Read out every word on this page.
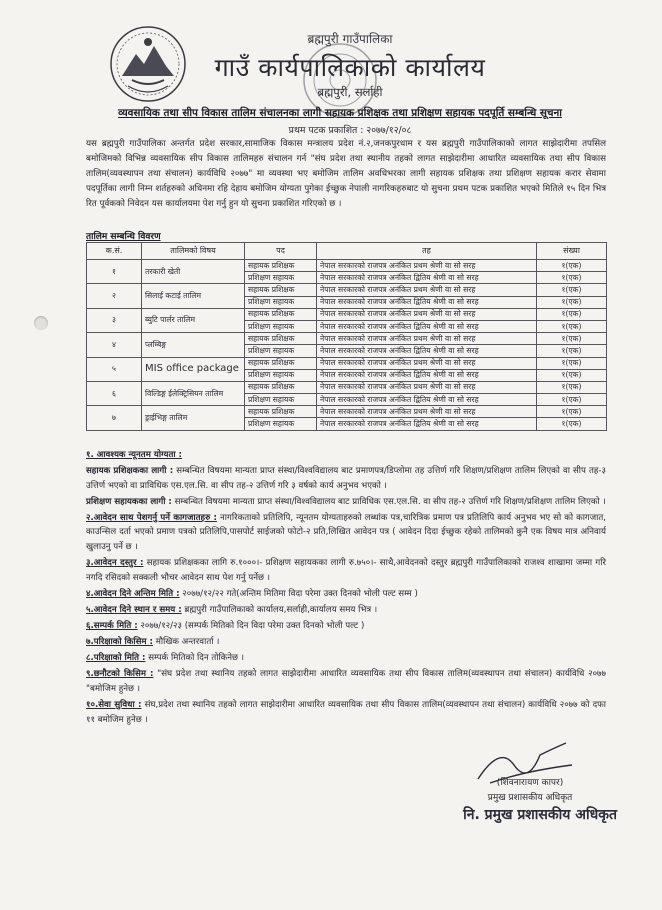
ब्रह्मपुरी गाउँपालिका
गाउँ कार्यपालिकाको कार्यालय
ब्रह्मपुरी, सर्लाही
व्यवसायिक तथा सीप विकास तालिम संचालनका लागी सहायक प्रशिक्षक तथा प्रशिक्षण सहायक पदपूर्ति सम्बन्धि सूचना
प्रथम पटक प्रकाशित : २०७७/१२/०८

यस ब्रह्मपुरी गाउँपालिका अन्तर्गत प्रदेश सरकार,सामाजिक विकास मन्त्रालय प्रदेश नं.२,जनकपुरधाम र यस ब्रह्मपुरी गाउँपालिकाको लागत साझेदारीमा तपसिल बमोजिमको विभिन्न व्यवसायिक सीप विकास तालिमहरु संचालन गर्न "संघ प्रदेश तथा स्थानीय तहको लागत साझेदारीमा आधारित व्यवसायिक तथा सीप विकास तालिम(व्यवस्थापन तथा संचालन) कार्यविधि २०७७" मा व्यवस्था भए बमोजिम तालिम अवधिभरका लागी सहायक प्रशिक्षक तथा प्रशिक्षण सहायक करार सेवामा पदपूर्तिका लागी निम्न शर्तहरुको अधिनमा रहि देहाय बमोजिम योग्यता पुगेका ईच्छुक नेपाली नागरिकहरुबाट यो सुचना प्रथम पटक प्रकाशित भएको मितिले १५ दिन भित्र रित पूर्वकको निवेदन यस कार्यालयमा पेश गर्नु हुन यो सुचना प्रकाशित गरिएको छ ।

तालिम सम्बन्धि विवरण
क.सं.	तालिमको विषय	पद	तह	संख्या
१	तरकारी खेती	सहायक प्रशिक्षक	नेपाल सरकारको राजपत्र अनंकित प्रथम श्रेणी वा सो सरह	१(एक)
		प्रशिक्षण सहायक	नेपाल सरकारको राजपत्र अनंकित द्वितिय श्रेणी वा सो सरह	१(एक)
२	सिलाई कटाई तालिम	सहायक प्रशिक्षक	नेपाल सरकारको राजपत्र अनंकित प्रथम श्रेणी वा सो सरह	१(एक)
		प्रशिक्षण सहायक	नेपाल सरकारको राजपत्र अनंकित द्वितिय श्रेणी वा सो सरह	१(एक)
३	ब्युटि पार्लर तालिम	सहायक प्रशिक्षक	नेपाल सरकारको राजपत्र अनंकित प्रथम श्रेणी वा सो सरह	१(एक)
		प्रशिक्षण सहायक	नेपाल सरकारको राजपत्र अनंकित द्वितिय श्रेणी वा सो सरह	१(एक)
४	प्लम्बिङ्ग	सहायक प्रशिक्षक	नेपाल सरकारको राजपत्र अनंकित प्रथम श्रेणी वा सो सरह	१(एक)
		प्रशिक्षण सहायक	नेपाल सरकारको राजपत्र अनंकित द्वितिय श्रेणी वा सो सरह	१(एक)
५	MIS office package	सहायक प्रशिक्षक	नेपाल सरकारको राजपत्र अनंकित प्रथम श्रेणी वा सो सरह	१(एक)
		प्रशिक्षण सहायक	नेपाल सरकारको राजपत्र अनंकित द्वितिय श्रेणी वा सो सरह	१(एक)
६	विल्डिङ्ग ईलेक्ट्रिसियन तालिम	सहायक प्रशिक्षक	नेपाल सरकारको राजपत्र अनंकित प्रथम श्रेणी वा सो सरह	१(एक)
		प्रशिक्षण सहायक	नेपाल सरकारको राजपत्र अनंकित द्वितिय श्रेणी वा सो सरह	१(एक)
७	ड्राईभिङ्ग तालिम	सहायक प्रशिक्षक	नेपाल सरकारको राजपत्र अनंकित प्रथम श्रेणी वा सो सरह	१(एक)
		प्रशिक्षण सहायक	नेपाल सरकारको राजपत्र अनंकित द्वितिय श्रेणी वा सो सरह	१(एक)

१. आवश्यक न्यूनतम योग्यता :

सहायक प्रशिक्षकका लागी : सम्बन्धित विषयमा मान्यता प्राप्त संस्था/विश्वविद्यालय बाट प्रमाणपत्र/डिप्लोमा तह उत्तिर्ण गरि शिक्षण/प्रशिक्षण तालिम लिएको वा सीप तह-३ उत्तिर्ण भएको वा प्राविधिक एस.एल.सि. वा सीप तह-२ उत्तिर्ण गरि ३ वर्षको कार्य अनुभव भएको ।

प्रशिक्षण सहायकका लागी : सम्बन्धित विषयमा मान्यता प्राप्त संस्था/विश्वविद्यालय बाट प्राविधिक एस.एल.सि. वा सीप तह-२ उत्तिर्ण गरि शिक्षण/प्रशिक्षण तालिम लिएको ।

२.आवेदन साथ पेशगर्नु पर्ने कागजातहरु : नागरिकताको प्रतिलिपि, न्यूनतम योग्यताहरुको लब्धांक पत्र,चारित्रिक प्रमाण पत्र प्रतिलिपि कार्य अनुभव भए सो को कागजात, काउन्सिल दर्ता भएको प्रमाण पत्रको प्रतिलिपि,पासपोर्ट साईजको फोटो-२ प्रति,लिखित आवेदन पत्र ( आवेदन दिदा ईच्छुक रहेको तालिमको कुनै एक विषय मात्र अनिवार्य खुलाउनु पर्ने छ ।

३.आवेदन दस्तुर : सहायक प्रशिक्षकका लागि रु.१०००।- प्रशिक्षण सहायकका लागी रु.७५०।- साथै,आवेदनको दस्तुर ब्रह्मपुरी गाउँपालिकाको राजश्व शाखामा जम्मा गरि नगदि रसिदको सक्कली भौचर आवेदन साथ पेश गर्नु पर्नेछ ।

४.आवेदन दिने अन्तिम मिति : २०७७/१२/२२ गते(अन्तिम मितिमा विदा परेमा उक्त दिनको भोली पल्ट सम्म )

५.आवेदन दिने स्थान र समय : ब्रह्मपुरी गाउँपालिकाको कार्यालय,सर्लाही,कार्यालय समय भित्र ।

६.सम्पर्क मिति : २०७७/१२/२३ (सम्पर्क मितिको दिन विदा परेमा उक्त दिनको भोली पल्ट )

७.परिक्षाको किसिम : मौखिक अन्तरवार्ता ।

८.परिक्षाको मिति : सम्पर्क मितिको दिन तोकिनेछ ।

९.छनौटको किसिम : "संघ प्रदेश तथा स्थानिय तहको लागत साझेदारीमा आधारित व्यवसायिक तथा सीप विकास तालिम(व्यवस्थापन तथा संचालन) कार्यविधि २०७७ "बमोजिम हुनेछ ।

१०.सेवा सुविधा : संघ,प्रदेश तथा स्थानिय तहको लागत साझेदारीमा आधारित व्यवसायिक तथा सीप विकास तालिम(व्यवस्थापन तथा संचालन) कार्यविधि २०७७ को दफा ११ बमोजिम हुनेछ ।

(शिवनारायण कापर)
प्रमुख प्रशासकीय अधिकृत
नि. प्रमुख प्रशासकीय अधिकृत
